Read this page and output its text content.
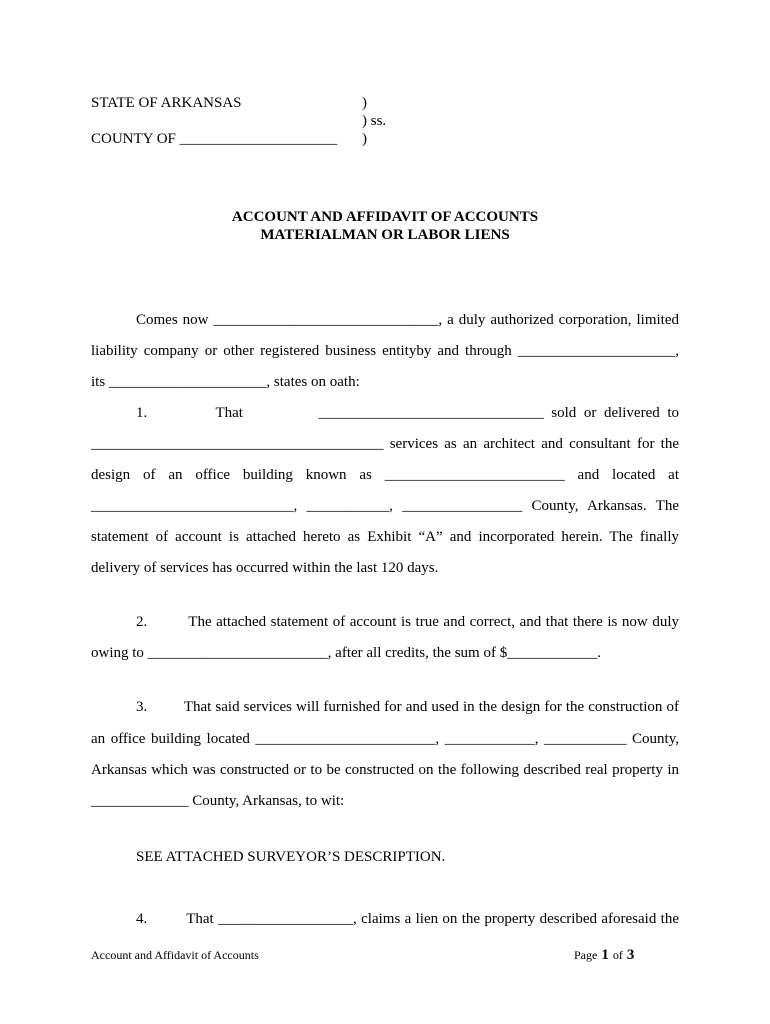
STATE OF ARKANSAS
COUNTY OF _____________________
)
) ss.
)
ACCOUNT AND AFFIDAVIT OF ACCOUNTS
MATERIALMAN OR LABOR LIENS
Comes now ______________________________, a duly authorized corporation, limited
liability company or other registered business entityby and through _____________________,
its _____________________, states on oath:
1.         That          ______________________________ sold or delivered to
_______________________________________ services as an architect and consultant for the
design of an office building known as ________________________ and located at
___________________________, ___________, ________________ County, Arkansas. The
statement of account is attached hereto as Exhibit “A” and incorporated herein. The finally
delivery of services has occurred within the last 120 days.
2.         The attached statement of account is true and correct, and that there is now duly
owing to ________________________, after all credits, the sum of $____________.
3.         That said services will furnished for and used in the design for the construction of
an office building located ________________________, ____________, ___________ County,
Arkansas which was constructed or to be constructed on the following described real property in
_____________ County, Arkansas, to wit:
SEE ATTACHED SURVEYOR’S DESCRIPTION.
4.         That __________________, claims a lien on the property described aforesaid the
Account and Affidavit of Accounts	Page 1 of 3
